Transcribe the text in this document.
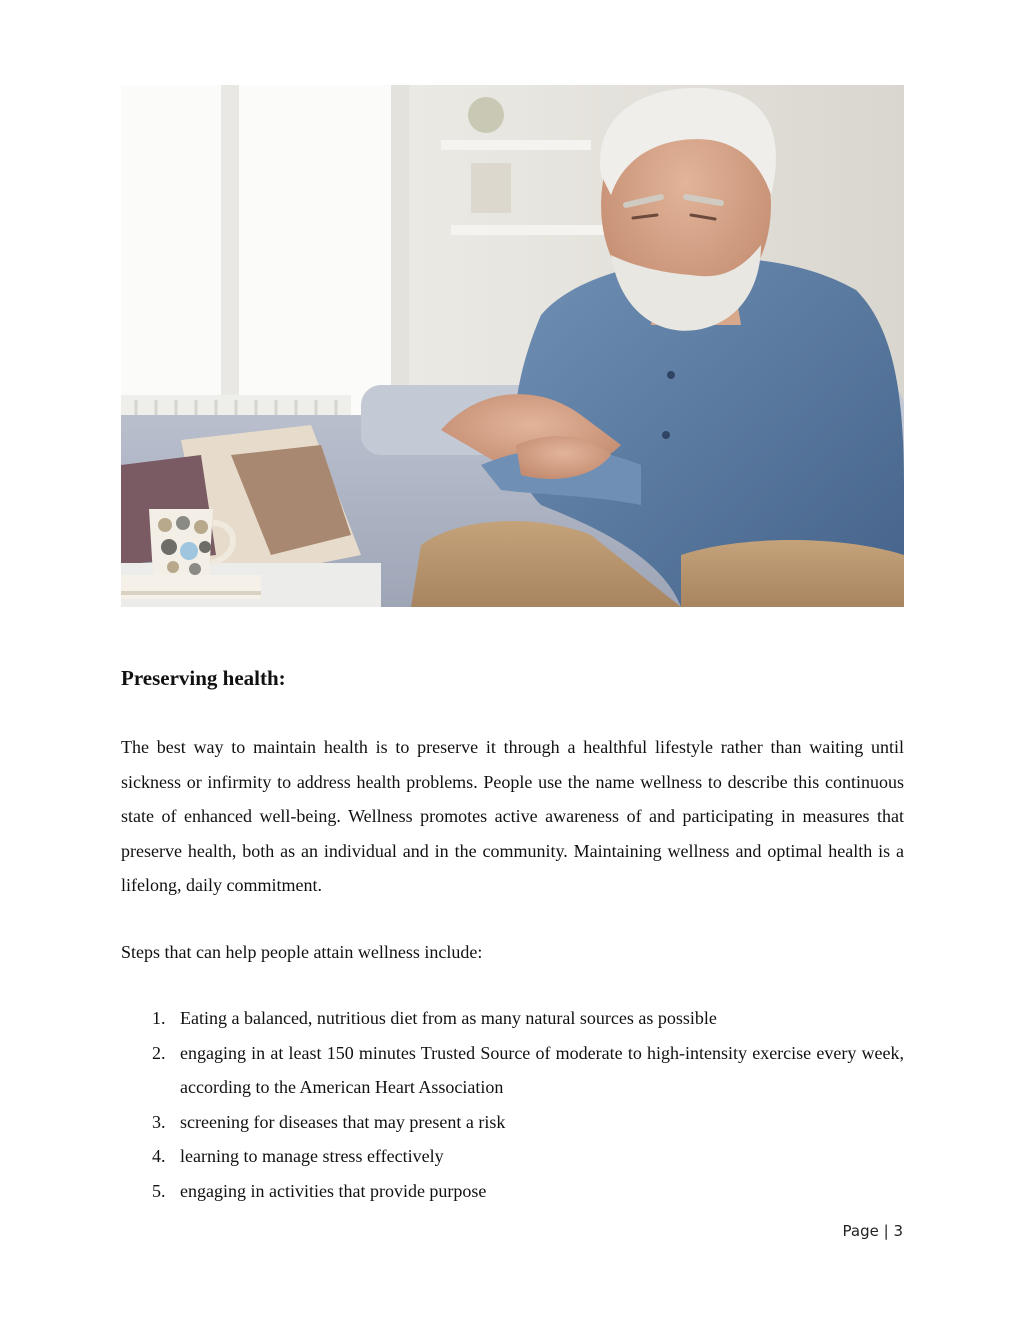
Preserving health:

The best way to maintain health is to preserve it through a healthful lifestyle rather than waiting until sickness or infirmity to address health problems. People use the name wellness to describe this continuous state of enhanced well-being. Wellness promotes active awareness of and participating in measures that preserve health, both as an individual and in the community. Maintaining wellness and optimal health is a lifelong, daily commitment.

Steps that can help people attain wellness include:

1. Eating a balanced, nutritious diet from as many natural sources as possible
2. engaging in at least 150 minutes Trusted Source of moderate to high-intensity exercise every week, according to the American Heart Association
3. screening for diseases that may present a risk
4. learning to manage stress effectively
5. engaging in activities that provide purpose
Page | 3
